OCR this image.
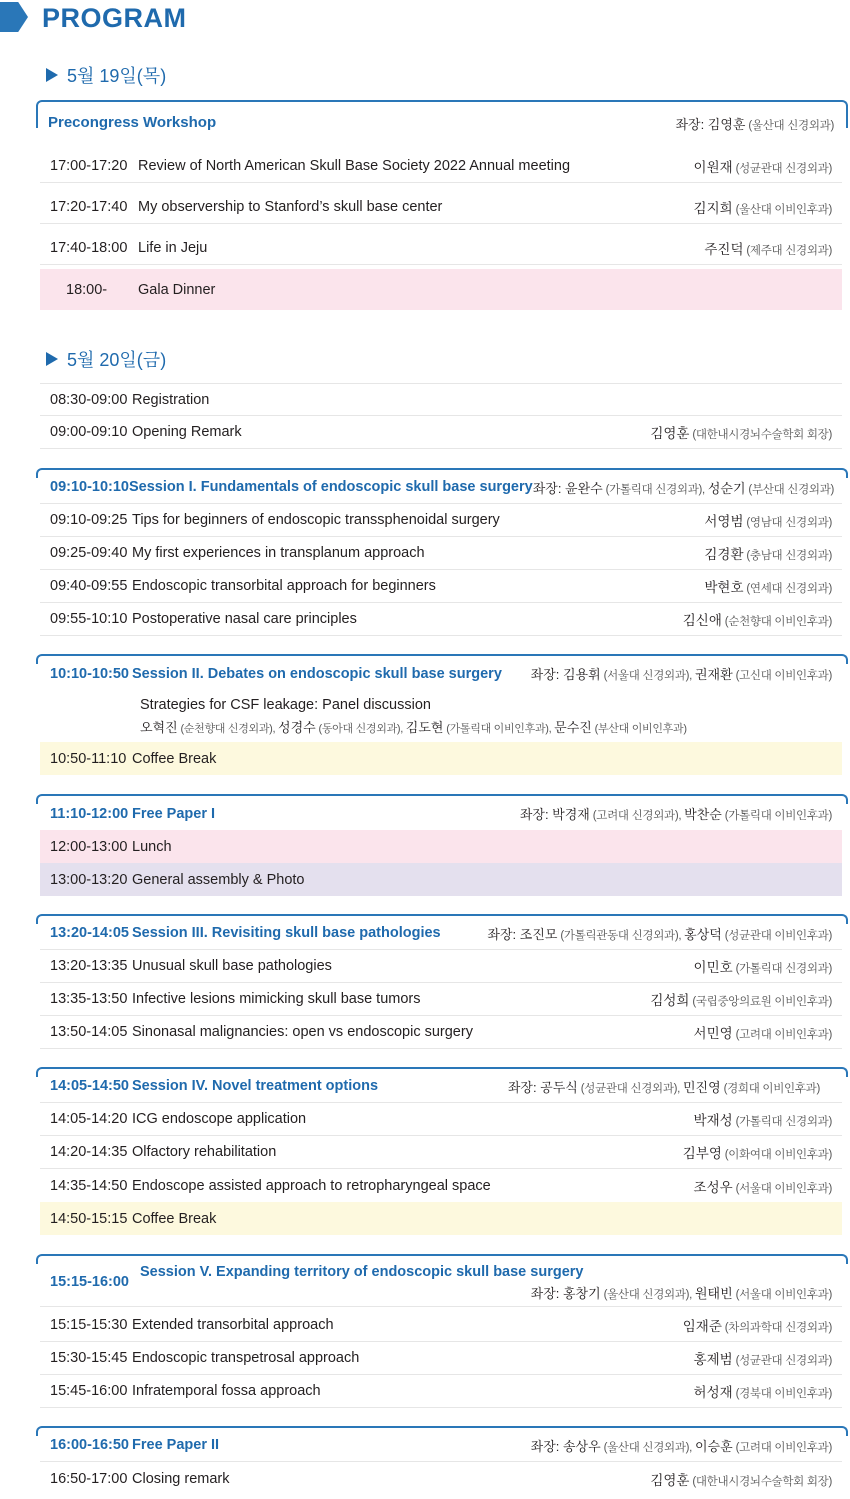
PROGRAM
5월 19일(목)
Precongress Workshop	좌장: 김영훈 (울산대 신경외과)
17:00-17:20 Review of North American Skull Base Society 2022 Annual meeting	이원재 (성균관대 신경외과)
17:20-17:40 My observership to Stanford’s skull base center	김지희 (울산대 이비인후과)
17:40-18:00 Life in Jeju	주진덕 (제주대 신경외과)
18:00-	Gala Dinner
5월 20일(금)
08:30-09:00 Registration
09:00-09:10 Opening Remark	김영훈 (대한내시경뇌수술학회 회장)
09:10-10:10 Session I. Fundamentals of endoscopic skull base surgery 좌장: 윤완수 (가톨릭대 신경외과), 성순기 (부산대 신경외과)
09:10-09:25 Tips for beginners of endoscopic transsphenoidal surgery	서영범 (영남대 신경외과)
09:25-09:40 My first experiences in transplanum approach	김경환 (충남대 신경외과)
09:40-09:55 Endoscopic transorbital approach for beginners	박현호 (연세대 신경외과)
09:55-10:10 Postoperative nasal care principles	김신애 (순천향대 이비인후과)
10:10-10:50 Session II. Debates on endoscopic skull base surgery	좌장: 김용휘 (서울대 신경외과), 권재환 (고신대 이비인후과)
Strategies for CSF leakage: Panel discussion
오혁진 (순천향대 신경외과), 성경수 (동아대 신경외과), 김도현 (가톨릭대 이비인후과), 문수진 (부산대 이비인후과)
10:50-11:10 Coffee Break
11:10-12:00 Free Paper I	좌장: 박경재 (고려대 신경외과), 박찬순 (가톨릭대 이비인후과)
12:00-13:00 Lunch
13:00-13:20 General assembly & Photo
13:20-14:05 Session III. Revisiting skull base pathologies	좌장: 조진모 (가톨릭관동대 신경외과), 홍상덕 (성균관대 이비인후과)
13:20-13:35 Unusual skull base pathologies	이민호 (가톨릭대 신경외과)
13:35-13:50 Infective lesions mimicking skull base tumors	김성희 (국립중앙의료원 이비인후과)
13:50-14:05 Sinonasal malignancies: open vs endoscopic surgery	서민영 (고려대 이비인후과)
14:05-14:50 Session IV. Novel treatment options	좌장: 공두식 (성균관대 신경외과), 민진영 (경희대 이비인후과)
14:05-14:20 ICG endoscope application	박재성 (가톨릭대 신경외과)
14:20-14:35 Olfactory rehabilitation	김부영 (이화여대 이비인후과)
14:35-14:50 Endoscope assisted approach to retropharyngeal space	조성우 (서울대 이비인후과)
14:50-15:15 Coffee Break
15:15-16:00
Session V. Expanding territory of endoscopic skull base surgery
좌장: 홍창기 (울산대 신경외과), 원태빈 (서울대 이비인후과)
15:15-15:30 Extended transorbital approach	임재준 (차의과학대 신경외과)
15:30-15:45 Endoscopic transpetrosal approach	홍제범 (성균관대 신경외과)
15:45-16:00 Infratemporal fossa approach	허성재 (경북대 이비인후과)
16:00-16:50 Free Paper II	좌장: 송상우 (울산대 신경외과), 이승훈 (고려대 이비인후과)
16:50-17:00 Closing remark	김영훈 (대한내시경뇌수술학회 회장)
